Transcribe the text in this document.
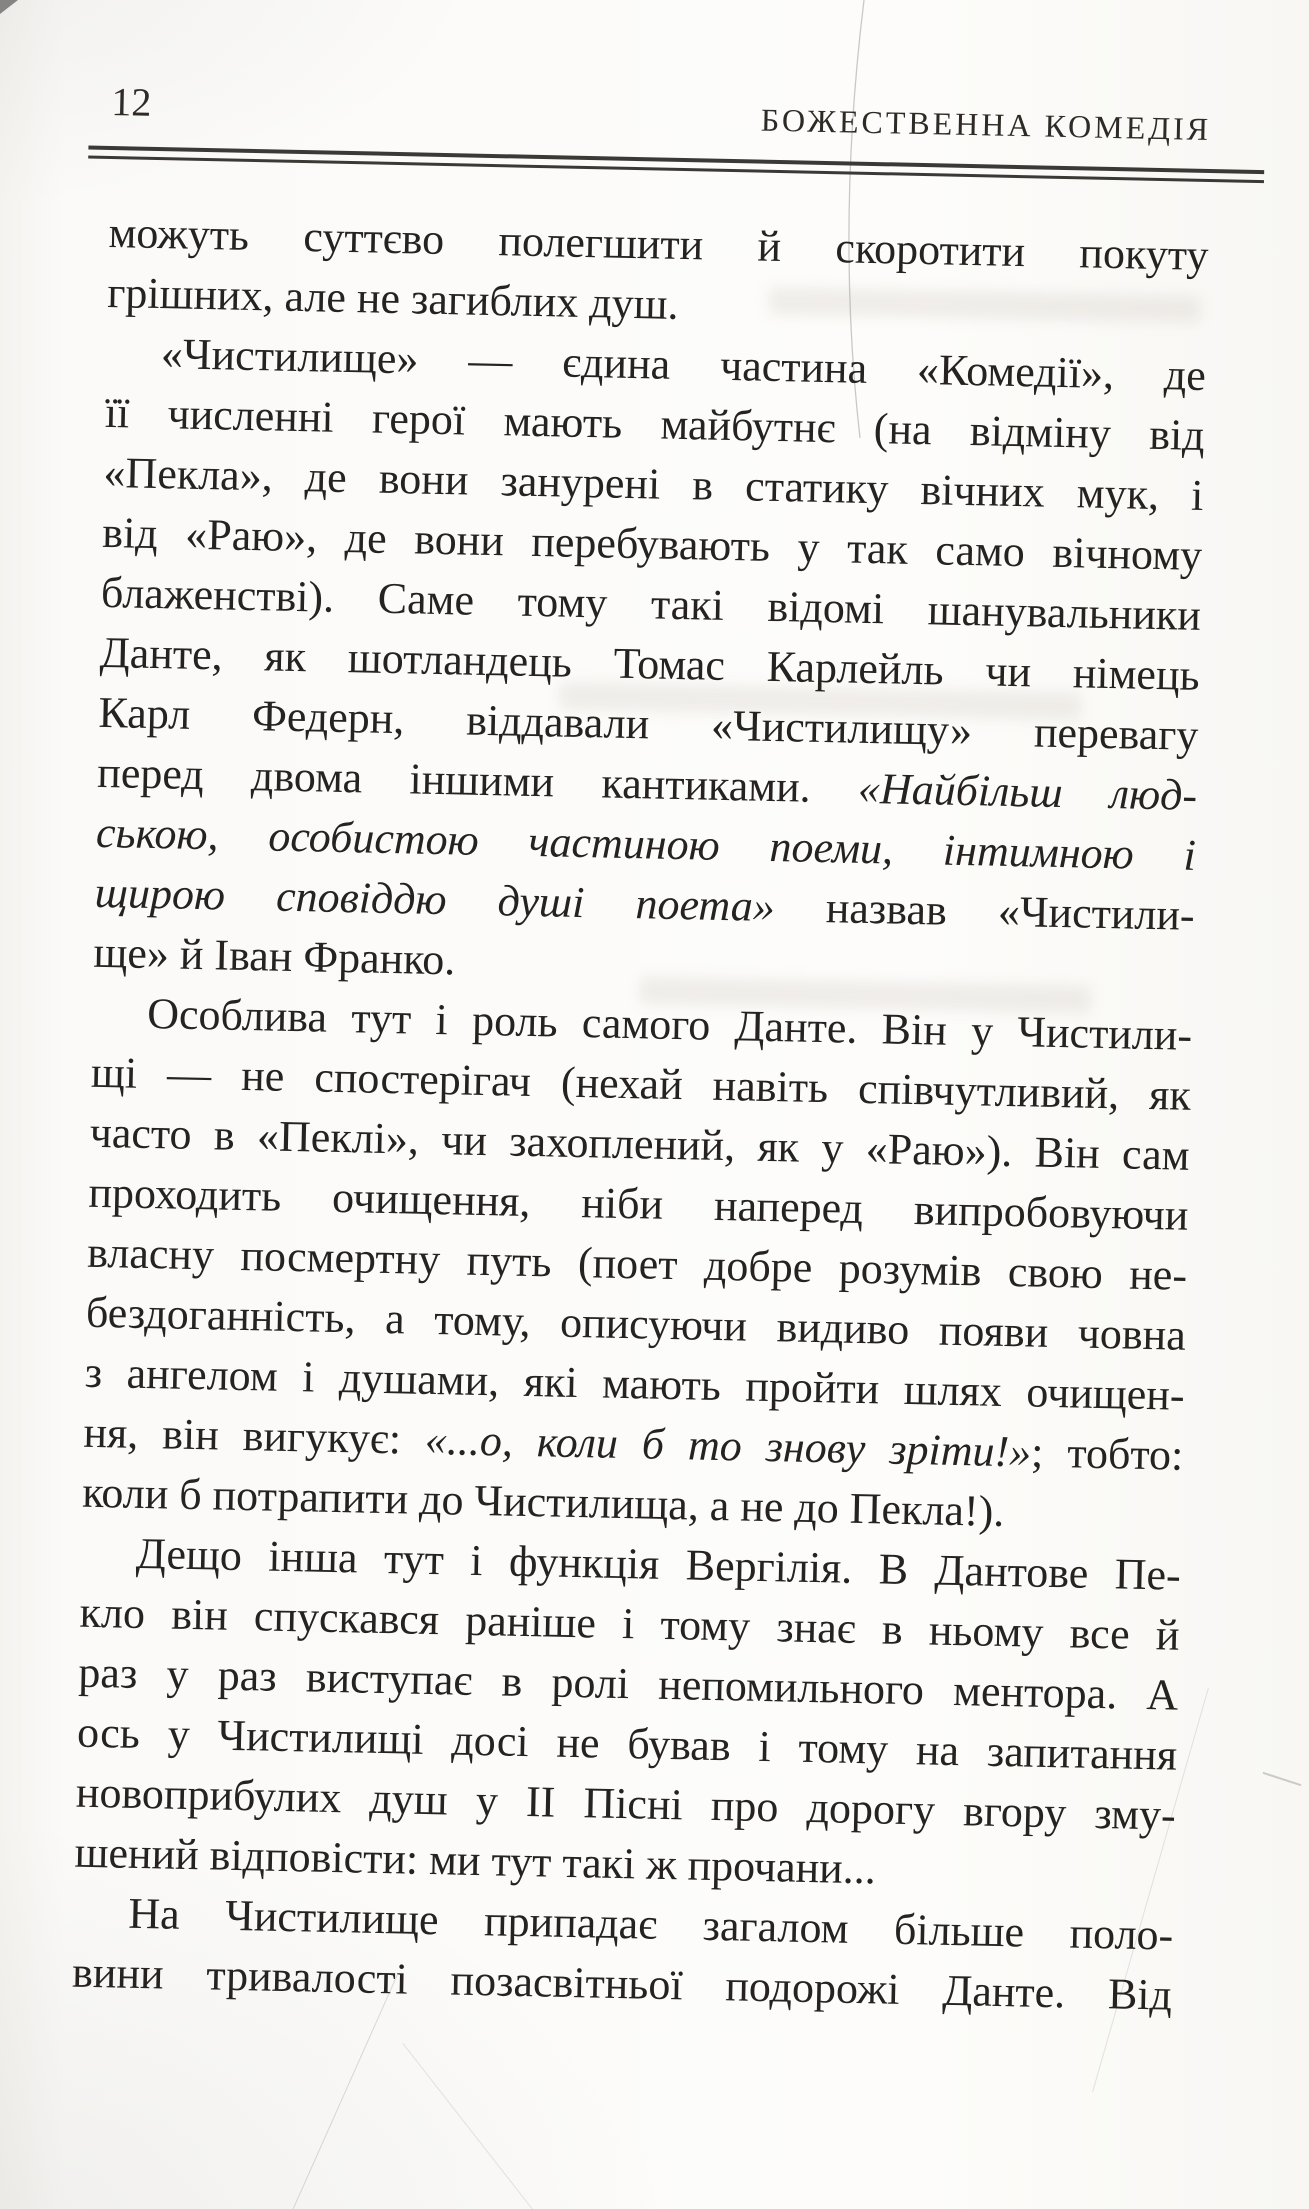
12	БОЖЕСТВЕННА КОМЕДІЯ
можуть суттєво полегшити й скоротити покуту
грішних, але не загиблих душ.
«Чистилище» — єдина частина «Комедії», де
її численні герої мають майбутнє (на відміну від
«Пекла», де вони занурені в статику вічних мук, і
від «Раю», де вони перебувають у так само вічному
блаженстві). Саме тому такі відомі шанувальники
Данте, як шотландець Томас Карлейль чи німець
Карл Федерн, віддавали «Чистилищу» перевагу
перед двома іншими кантиками. «Найбільш люд-
ською, особистою частиною поеми, інтимною і
щирою сповіддю душі поета» назвав «Чистили-
ще» й Іван Франко.
Особлива тут і роль самого Данте. Він у Чистили-
щі — не спостерігач (нехай навіть співчутливий, як
часто в «Пеклі», чи захоплений, як у «Раю»). Він сам
проходить очищення, ніби наперед випробовуючи
власну посмертну путь (поет добре розумів свою не-
бездоганність, а тому, описуючи видиво появи човна
з ангелом і душами, які мають пройти шлях очищен-
ня, він вигукує: «...о, коли б то знову зріти!»; тобто:
коли б потрапити до Чистилища, а не до Пекла!).
Дещо інша тут і функція Вергілія. В Дантове Пе-
кло він спускався раніше і тому знає в ньому все й
раз у раз виступає в ролі непомильного ментора. А
ось у Чистилищі досі не бував і тому на запитання
новоприбулих душ у II Пісні про дорогу вгору зму-
шений відповісти: ми тут такі ж прочани...
На Чистилище припадає загалом більше поло-
вини тривалості позасвітньої подорожі Данте. Від
